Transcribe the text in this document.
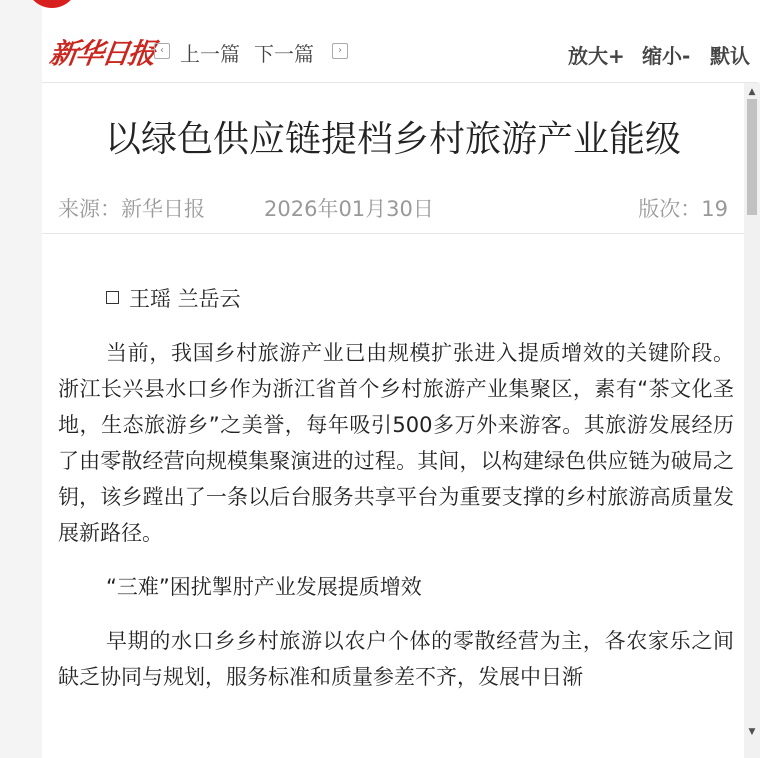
新华日报 ‹ 上一篇 下一篇	›	放大+ 缩小- 默认
以绿色供应链提档乡村旅游产业能级
来源：新华日报	2026年01月30日	版次：19

王瑶 兰岳云

当前，我国乡村旅游产业已由规模扩张进入提质增效的关键阶段。浙江长兴县水口乡作为浙江省首个乡村旅游产业集聚区，素有“茶文化圣地，生态旅游乡”之美誉，每年吸引500多万外来游客。其旅游发展经历了由零散经营向规模集聚演进的过程。其间，以构建绿色供应链为破局之钥，该乡蹚出了一条以后台服务共享平台为重要支撑的乡村旅游高质量发展新路径。

“三难”困扰掣肘产业发展提质增效

早期的水口乡乡村旅游以农户个体的零散经营为主，各农家乐之间缺乏协同与规划，服务标准和质量参差不齐，发展中日渐

▲
▼
